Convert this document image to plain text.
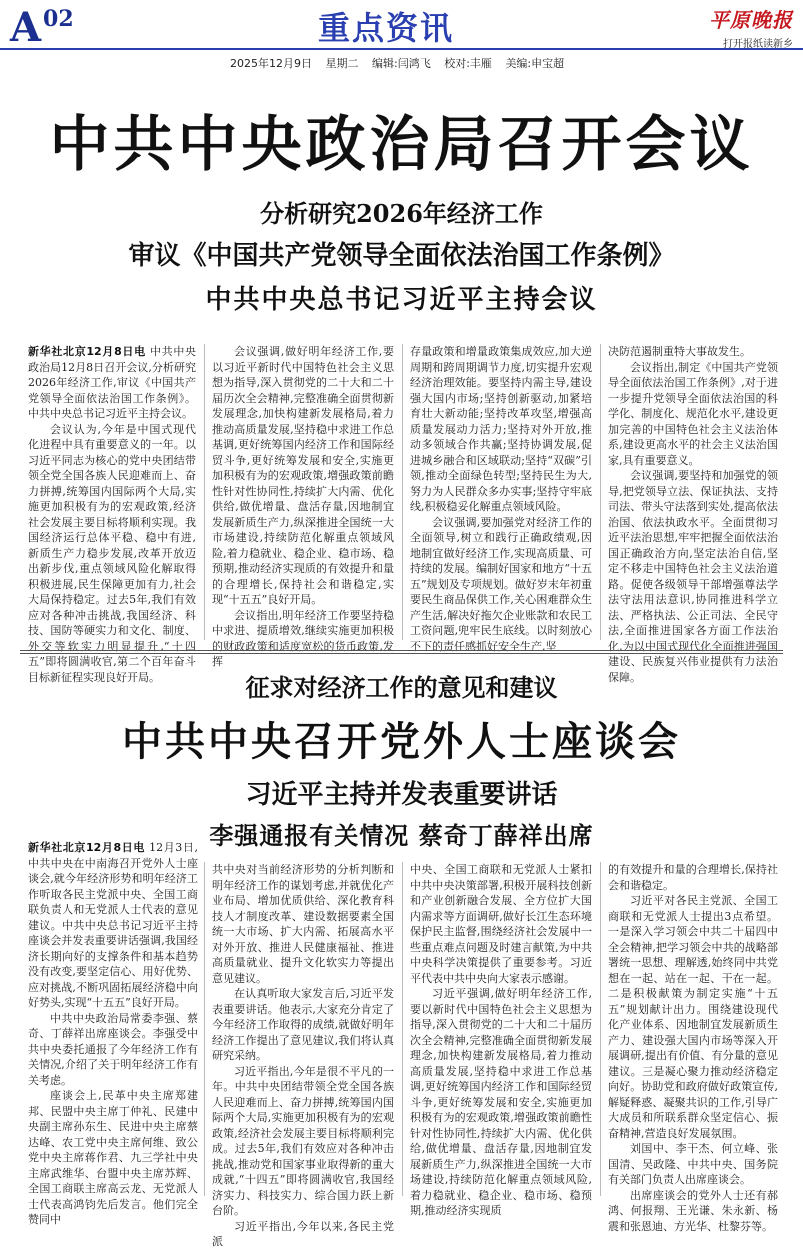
A02	重点资讯	平原晚报
打开报纸读新乡
2025年12月9日 星期二 编辑:闫鸿飞 校对:丰雁 美编:申宝超
中共中央政治局召开会议
分析研究2026年经济工作
审议《中国共产党领导全面依法治国工作条例》
中共中央总书记习近平主持会议

新华社北京12月8日电 中共中央政治局12月8日召开会议,分析研究2026年经济工作,审议《中国共产党领导全面依法治国工作条例》。中共中央总书记习近平主持会议。

会议认为,今年是中国式现代化进程中具有重要意义的一年。以习近平同志为核心的党中央团结带领全党全国各族人民迎难而上、奋力拼搏,统筹国内国际两个大局,实施更加积极有为的宏观政策,经济社会发展主要目标将顺利实现。我国经济运行总体平稳、稳中有进,新质生产力稳步发展,改革开放迈出新步伐,重点领域风险化解取得积极进展,民生保障更加有力,社会大局保持稳定。过去5年,我们有效应对各种冲击挑战,我国经济、科技、国防等硬实力和文化、制度、外交等软实力明显提升,“十四五”即将圆满收官,第二个百年奋斗目标新征程实现良好开局。

会议强调,做好明年经济工作,要以习近平新时代中国特色社会主义思想为指导,深入贯彻党的二十大和二十届历次全会精神,完整准确全面贯彻新发展理念,加快构建新发展格局,着力推动高质量发展,坚持稳中求进工作总基调,更好统筹国内经济工作和国际经贸斗争,更好统筹发展和安全,实施更加积极有为的宏观政策,增强政策前瞻性针对性协同性,持续扩大内需、优化供给,做优增量、盘活存量,因地制宜发展新质生产力,纵深推进全国统一大市场建设,持续防范化解重点领域风险,着力稳就业、稳企业、稳市场、稳预期,推动经济实现质的有效提升和量的合理增长,保持社会和谐稳定,实现“十五五”良好开局。

会议指出,明年经济工作要坚持稳中求进、提质增效,继续实施更加积极的财政政策和适度宽松的货币政策,发挥

存量政策和增量政策集成效应,加大逆周期和跨周期调节力度,切实提升宏观经济治理效能。要坚持内需主导,建设强大国内市场;坚持创新驱动,加紧培育壮大新动能;坚持改革攻坚,增强高质量发展动力活力;坚持对外开放,推动多领域合作共赢;坚持协调发展,促进城乡融合和区域联动;坚持“双碳”引领,推动全面绿色转型;坚持民生为大,努力为人民群众多办实事;坚持守牢底线,积极稳妥化解重点领域风险。

会议强调,要加强党对经济工作的全面领导,树立和践行正确政绩观,因地制宜做好经济工作,实现高质量、可持续的发展。编制好国家和地方“十五五”规划及专项规划。做好岁末年初重要民生商品保供工作,关心困难群众生产生活,解决好拖欠企业账款和农民工工资问题,兜牢民生底线。以时刻放心不下的责任感抓好安全生产,坚

决防范遏制重特大事故发生。

会议指出,制定《中国共产党领导全面依法治国工作条例》,对于进一步提升党领导全面依法治国的科学化、制度化、规范化水平,建设更加完善的中国特色社会主义法治体系,建设更高水平的社会主义法治国家,具有重要意义。

会议强调,要坚持和加强党的领导,把党领导立法、保证执法、支持司法、带头守法落到实处,提高依法治国、依法执政水平。全面贯彻习近平法治思想,牢牢把握全面依法治国正确政治方向,坚定法治自信,坚定不移走中国特色社会主义法治道路。促使各级领导干部增强尊法学法守法用法意识,协同推进科学立法、严格执法、公正司法、全民守法,全面推进国家各方面工作法治化,为以中国式现代化全面推进强国建设、民族复兴伟业提供有力法治保障。

征求对经济工作的意见和建议
中共中央召开党外人士座谈会
习近平主持并发表重要讲话
李强通报有关情况 蔡奇丁薛祥出席

新华社北京12月8日电 12月3日,中共中央在中南海召开党外人士座谈会,就今年经济形势和明年经济工作听取各民主党派中央、全国工商联负责人和无党派人士代表的意见建议。中共中央总书记习近平主持座谈会并发表重要讲话强调,我国经济长期向好的支撑条件和基本趋势没有改变,要坚定信心、用好优势、应对挑战,不断巩固拓展经济稳中向好势头,实现“十五五”良好开局。

中共中央政治局常委李强、蔡奇、丁薛祥出席座谈会。李强受中共中央委托通报了今年经济工作有关情况,介绍了关于明年经济工作有关考虑。

座谈会上,民革中央主席郑建邦、民盟中央主席丁仲礼、民建中央副主席孙东生、民进中央主席蔡达峰、农工党中央主席何维、致公党中央主席蒋作君、九三学社中央主席武维华、台盟中央主席苏辉、全国工商联主席高云龙、无党派人士代表高鸿钧先后发言。他们完全赞同中

共中央对当前经济形势的分析判断和明年经济工作的谋划考虑,并就优化产业布局、增加优质供给、深化教育科技人才制度改革、建设数据要素全国统一大市场、扩大内需、拓展高水平对外开放、推进人民健康福祉、推进高质量就业、提升文化软实力等提出意见建议。

在认真听取大家发言后,习近平发表重要讲话。他表示,大家充分肯定了今年经济工作取得的成绩,就做好明年经济工作提出了意见建议,我们将认真研究采纳。

习近平指出,今年是很不平凡的一年。中共中央团结带领全党全国各族人民迎难而上、奋力拼搏,统筹国内国际两个大局,实施更加积极有为的宏观政策,经济社会发展主要目标将顺利完成。过去5年,我们有效应对各种冲击挑战,推动党和国家事业取得新的重大成就,“十四五”即将圆满收官,我国经济实力、科技实力、综合国力跃上新台阶。

习近平指出,今年以来,各民主党派

中央、全国工商联和无党派人士紧扣中共中央决策部署,积极开展科技创新和产业创新融合发展、全方位扩大国内需求等方面调研,做好长江生态环境保护民主监督,围绕经济社会发展中一些重点难点问题及时建言献策,为中共中央科学决策提供了重要参考。习近平代表中共中央向大家表示感谢。

习近平强调,做好明年经济工作,要以新时代中国特色社会主义思想为指导,深入贯彻党的二十大和二十届历次全会精神,完整准确全面贯彻新发展理念,加快构建新发展格局,着力推动高质量发展,坚持稳中求进工作总基调,更好统筹国内经济工作和国际经贸斗争,更好统筹发展和安全,实施更加积极有为的宏观政策,增强政策前瞻性针对性协同性,持续扩大内需、优化供给,做优增量、盘活存量,因地制宜发展新质生产力,纵深推进全国统一大市场建设,持续防范化解重点领域风险,着力稳就业、稳企业、稳市场、稳预期,推动经济实现质

的有效提升和量的合理增长,保持社会和谐稳定。

习近平对各民主党派、全国工商联和无党派人士提出3点希望。一是深入学习领会中共二十届四中全会精神,把学习领会中共的战略部署统一思想、理解透,始终同中共党想在一起、站在一起、干在一起。二是积极献策为制定实施“十五五”规划献计出力。围绕建设现代化产业体系、因地制宜发展新质生产力、建设强大国内市场等深入开展调研,提出有价值、有分量的意见建议。三是凝心聚力推动经济稳定向好。协助党和政府做好政策宣传,解疑释惑、凝聚共识的工作,引导广大成员和所联系群众坚定信心、振奋精神,营造良好发展氛围。

刘国中、李干杰、何立峰、张国清、吴政隆、中共中央、国务院有关部门负责人出席座谈会。

出席座谈会的党外人士还有郝鸿、何报翔、王光谦、朱永新、杨震和张恩迪、方光华、杜黎芬等。
